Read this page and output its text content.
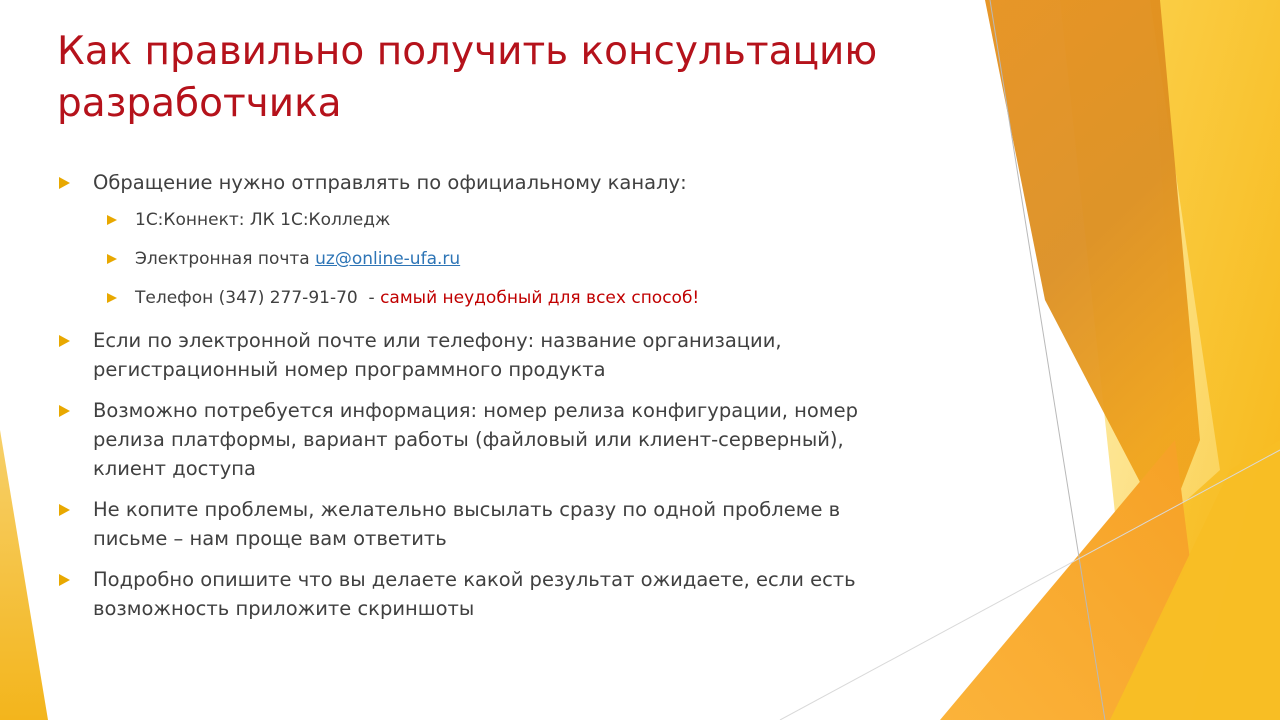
Как правильно получить консультацию
разработчика
Обращение нужно отправлять по официальному каналу:
1С:Коннект: ЛК 1С:Колледж
Электронная почта uz@online-ufa.ru
Телефон (347) 277-91-70  - самый неудобный для всех способ!
Если по электронной почте или телефону: название организации,
регистрационный номер программного продукта
Возможно потребуется информация: номер релиза конфигурации, номер
релиза платформы, вариант работы (файловый или клиент-серверный),
клиент доступа
Не копите проблемы, желательно высылать сразу по одной проблеме в
письме – нам проще вам ответить
Подробно опишите что вы делаете какой результат ожидаете, если есть
возможность приложите скриншоты
